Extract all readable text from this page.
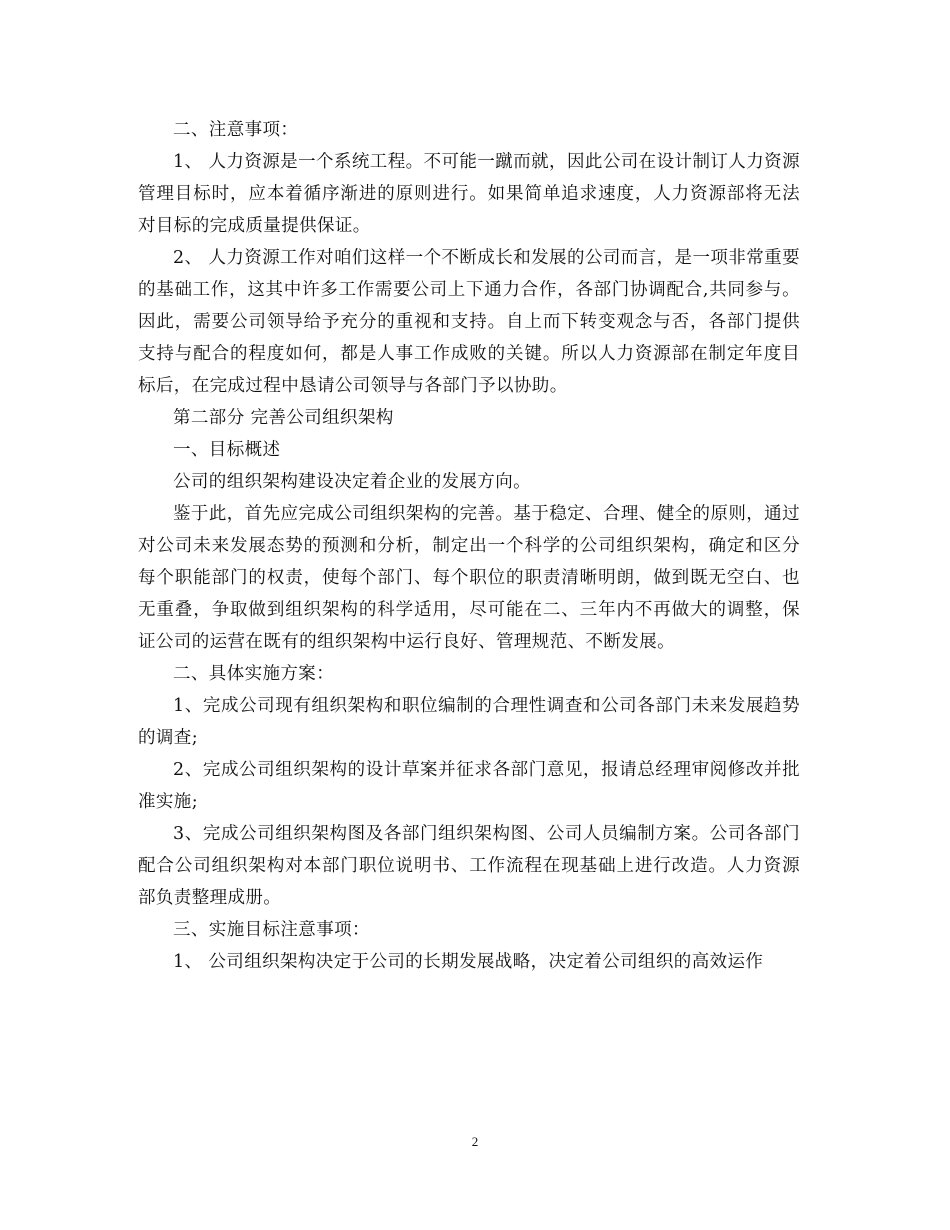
二、注意事项：

1、 人力资源是一个系统工程。不可能一蹴而就，因此公司在设计制订人力资源管理目标时，应本着循序渐进的原则进行。如果简单追求速度，人力资源部将无法对目标的完成质量提供保证。

2、 人力资源工作对咱们这样一个不断成长和发展的公司而言，是一项非常重要的基础工作，这其中许多工作需要公司上下通力合作，各部门协调配合,共同参与。因此，需要公司领导给予充分的重视和支持。自上而下转变观念与否，各部门提供支持与配合的程度如何，都是人事工作成败的关键。所以人力资源部在制定年度目标后，在完成过程中恳请公司领导与各部门予以协助。

第二部分 完善公司组织架构

一、目标概述

公司的组织架构建设决定着企业的发展方向。

鉴于此，首先应完成公司组织架构的完善。基于稳定、合理、健全的原则，通过对公司未来发展态势的预测和分析，制定出一个科学的公司组织架构，确定和区分每个职能部门的权责，使每个部门、每个职位的职责清晰明朗，做到既无空白、也无重叠，争取做到组织架构的科学适用，尽可能在二、三年内不再做大的调整，保证公司的运营在既有的组织架构中运行良好、管理规范、不断发展。

二、具体实施方案：

1、完成公司现有组织架构和职位编制的合理性调查和公司各部门未来发展趋势的调查;

2、完成公司组织架构的设计草案并征求各部门意见，报请总经理审阅修改并批准实施;

3、完成公司组织架构图及各部门组织架构图、公司人员编制方案。公司各部门配合公司组织架构对本部门职位说明书、工作流程在现基础上进行改造。人力资源部负责整理成册。

三、实施目标注意事项：

1、 公司组织架构决定于公司的长期发展战略，决定着公司组织的高效运作

2
